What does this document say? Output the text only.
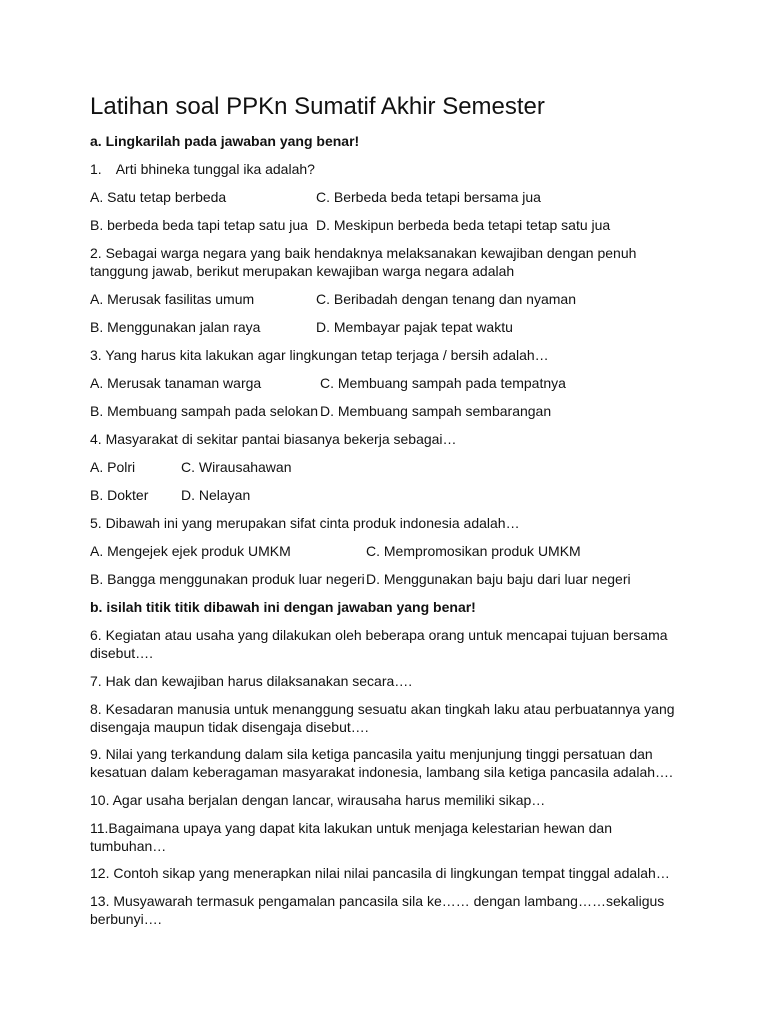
Latihan soal PPKn Sumatif Akhir Semester
a. Lingkarilah pada jawaban yang benar!
1. Arti bhineka tunggal ika adalah?
A. Satu tetap berbeda	C. Berbeda beda tetapi bersama jua
B. berbeda beda tapi tetap satu jua D. Meskipun berbeda beda tetapi tetap satu jua
2. Sebagai warga negara yang baik hendaknya melaksanakan kewajiban dengan penuh
tanggung jawab, berikut merupakan kewajiban warga negara adalah
A. Merusak fasilitas umum	C. Beribadah dengan tenang dan nyaman
B. Menggunakan jalan raya	D. Membayar pajak tepat waktu
3. Yang harus kita lakukan agar lingkungan tetap terjaga / bersih adalah…
A. Merusak tanaman warga	C. Membuang sampah pada tempatnya
B. Membuang sampah pada selokan D. Membuang sampah sembarangan
4. Masyarakat di sekitar pantai biasanya bekerja sebagai…
A. Polri	C. Wirausahawan
B. Dokter D. Nelayan
5. Dibawah ini yang merupakan sifat cinta produk indonesia adalah…
A. Mengejek ejek produk UMKM	C. Mempromosikan produk UMKM
B. Bangga menggunakan produk luar negeri D. Menggunakan baju baju dari luar negeri
b. isilah titik titik dibawah ini dengan jawaban yang benar!
6. Kegiatan atau usaha yang dilakukan oleh beberapa orang untuk mencapai tujuan bersama
disebut….
7. Hak dan kewajiban harus dilaksanakan secara….
8. Kesadaran manusia untuk menanggung sesuatu akan tingkah laku atau perbuatannya yang
disengaja maupun tidak disengaja disebut….
9. Nilai yang terkandung dalam sila ketiga pancasila yaitu menjunjung tinggi persatuan dan
kesatuan dalam keberagaman masyarakat indonesia, lambang sila ketiga pancasila adalah….
10. Agar usaha berjalan dengan lancar, wirausaha harus memiliki sikap…
11.Bagaimana upaya yang dapat kita lakukan untuk menjaga kelestarian hewan dan
tumbuhan…
12. Contoh sikap yang menerapkan nilai nilai pancasila di lingkungan tempat tinggal adalah…
13. Musyawarah termasuk pengamalan pancasila sila ke…… dengan lambang……sekaligus
berbunyi….
